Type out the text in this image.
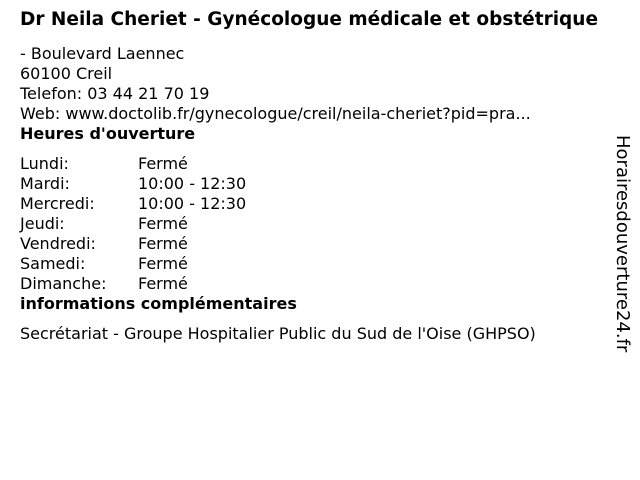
Dr Neila Cheriet - Gynécologue médicale et obstétrique
- Boulevard Laennec
60100 Creil
Telefon: 03 44 21 70 19
Web: www.doctolib.fr/gynecologue/creil/neila-cheriet?pid=pra...
Heures d'ouverture
Lundi:	Fermé
Mardi:	10:00 - 12:30
Mercredi:	10:00 - 12:30
Jeudi:	Fermé
Vendredi:	Fermé
Samedi:	Fermé
Dimanche:	Fermé
informations complémentaires
Secrétariat - Groupe Hospitalier Public du Sud de l'Oise (GHPSO)	Horairesdouverture24.fr
